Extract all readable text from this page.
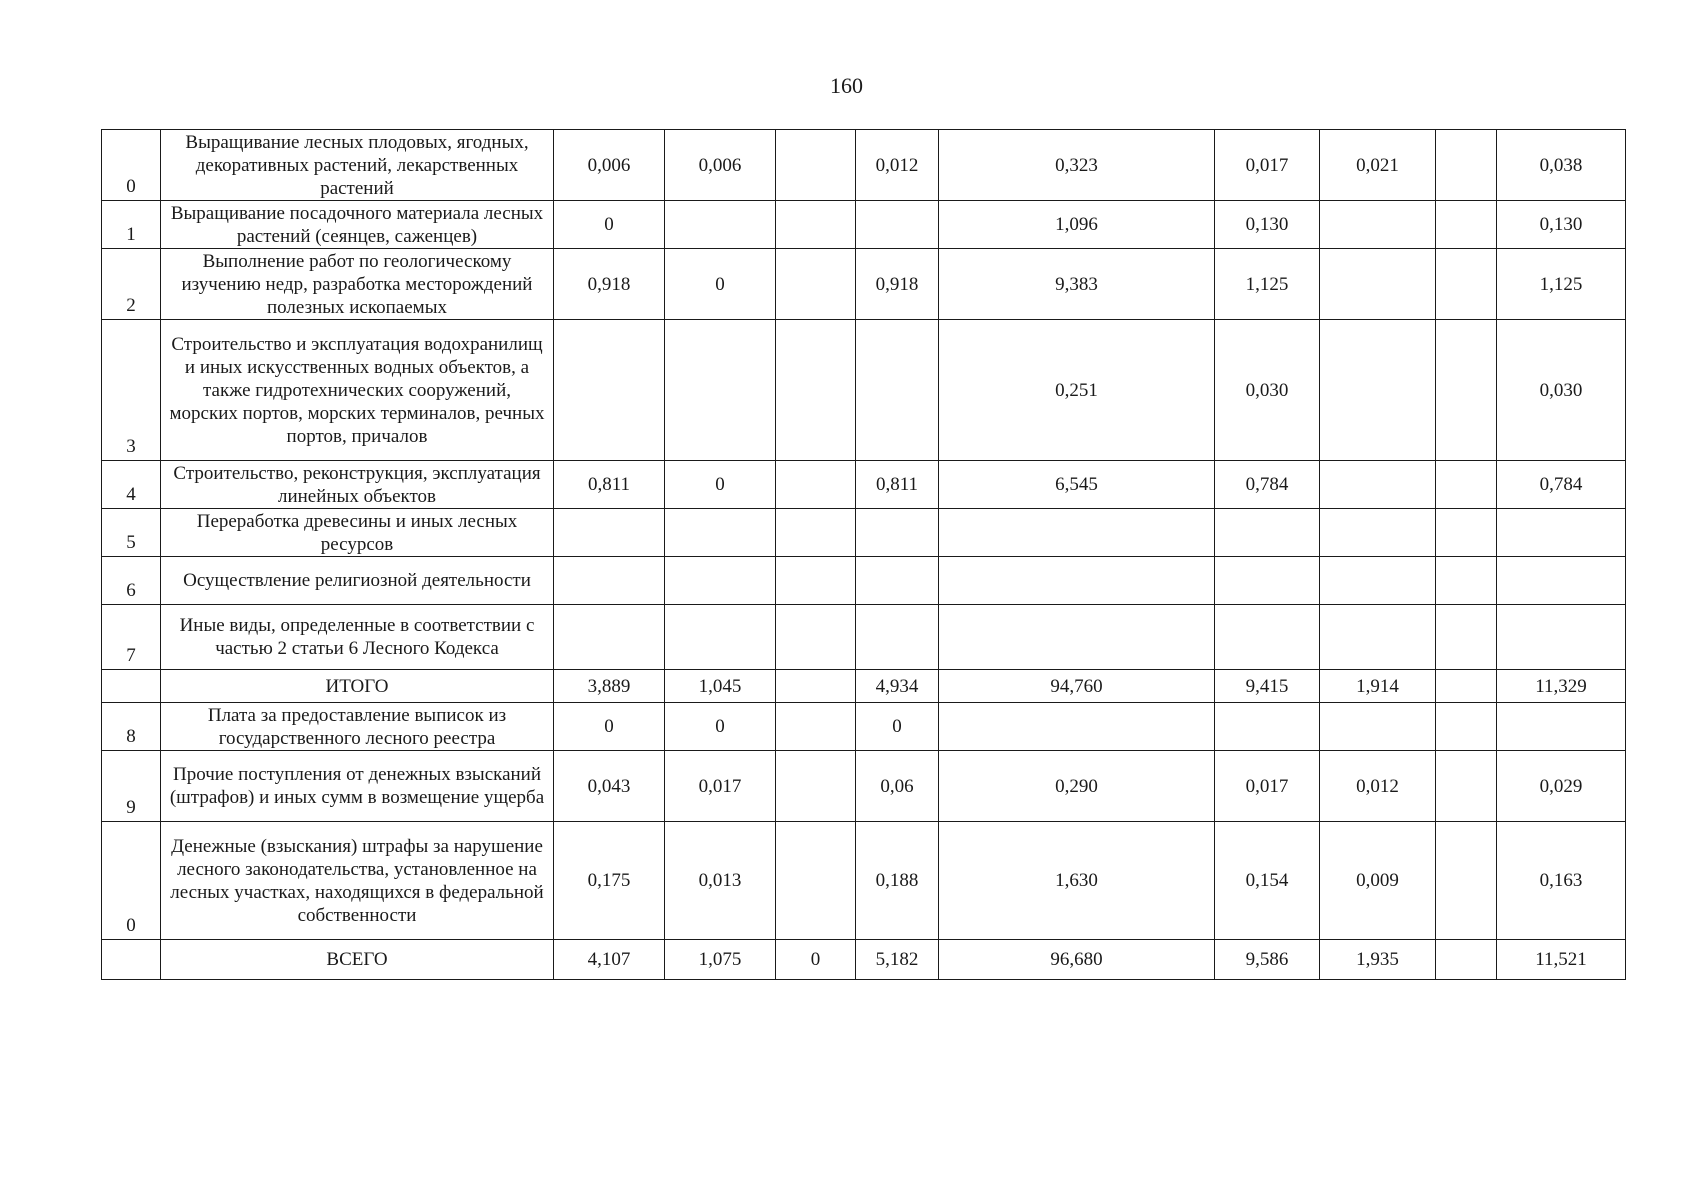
160
0	Выращивание лесных плодовых, ягодных, декоративных растений, лекарственных растений	0,006	0,006		0,012	0,323	0,017	0,021		0,038
1	Выращивание посадочного материала лесных растений (сеянцев, саженцев)	0				1,096	0,130			0,130
2	Выполнение работ по геологическому изучению недр, разработка месторождений полезных ископаемых	0,918	0		0,918	9,383	1,125			1,125
3	Строительство и эксплуатация водохранилищ и иных искусственных водных объектов, а также гидротехнических сооружений, морских портов, морских терминалов, речных портов, причалов					0,251	0,030			0,030
4	Строительство, реконструкция, эксплуатация линейных объектов	0,811	0		0,811	6,545	0,784			0,784
5	Переработка древесины и иных лесных ресурсов									
6	Осуществление религиозной деятельности									
7	Иные виды, определенные в соответствии с частью 2 статьи 6 Лесного Кодекса									
	ИТОГО	3,889	1,045		4,934	94,760	9,415	1,914		11,329
8	Плата за предоставление выписок из государственного лесного реестра	0	0		0					
9	Прочие поступления от денежных взысканий (штрафов) и иных сумм в возмещение ущерба	0,043	0,017		0,06	0,290	0,017	0,012		0,029
0	Денежные (взыскания) штрафы за нарушение лесного законодательства, установленное на лесных участках, находящихся в федеральной собственности	0,175	0,013		0,188	1,630	0,154	0,009		0,163
	ВСЕГО	4,107	1,075	0	5,182	96,680	9,586	1,935		11,521
